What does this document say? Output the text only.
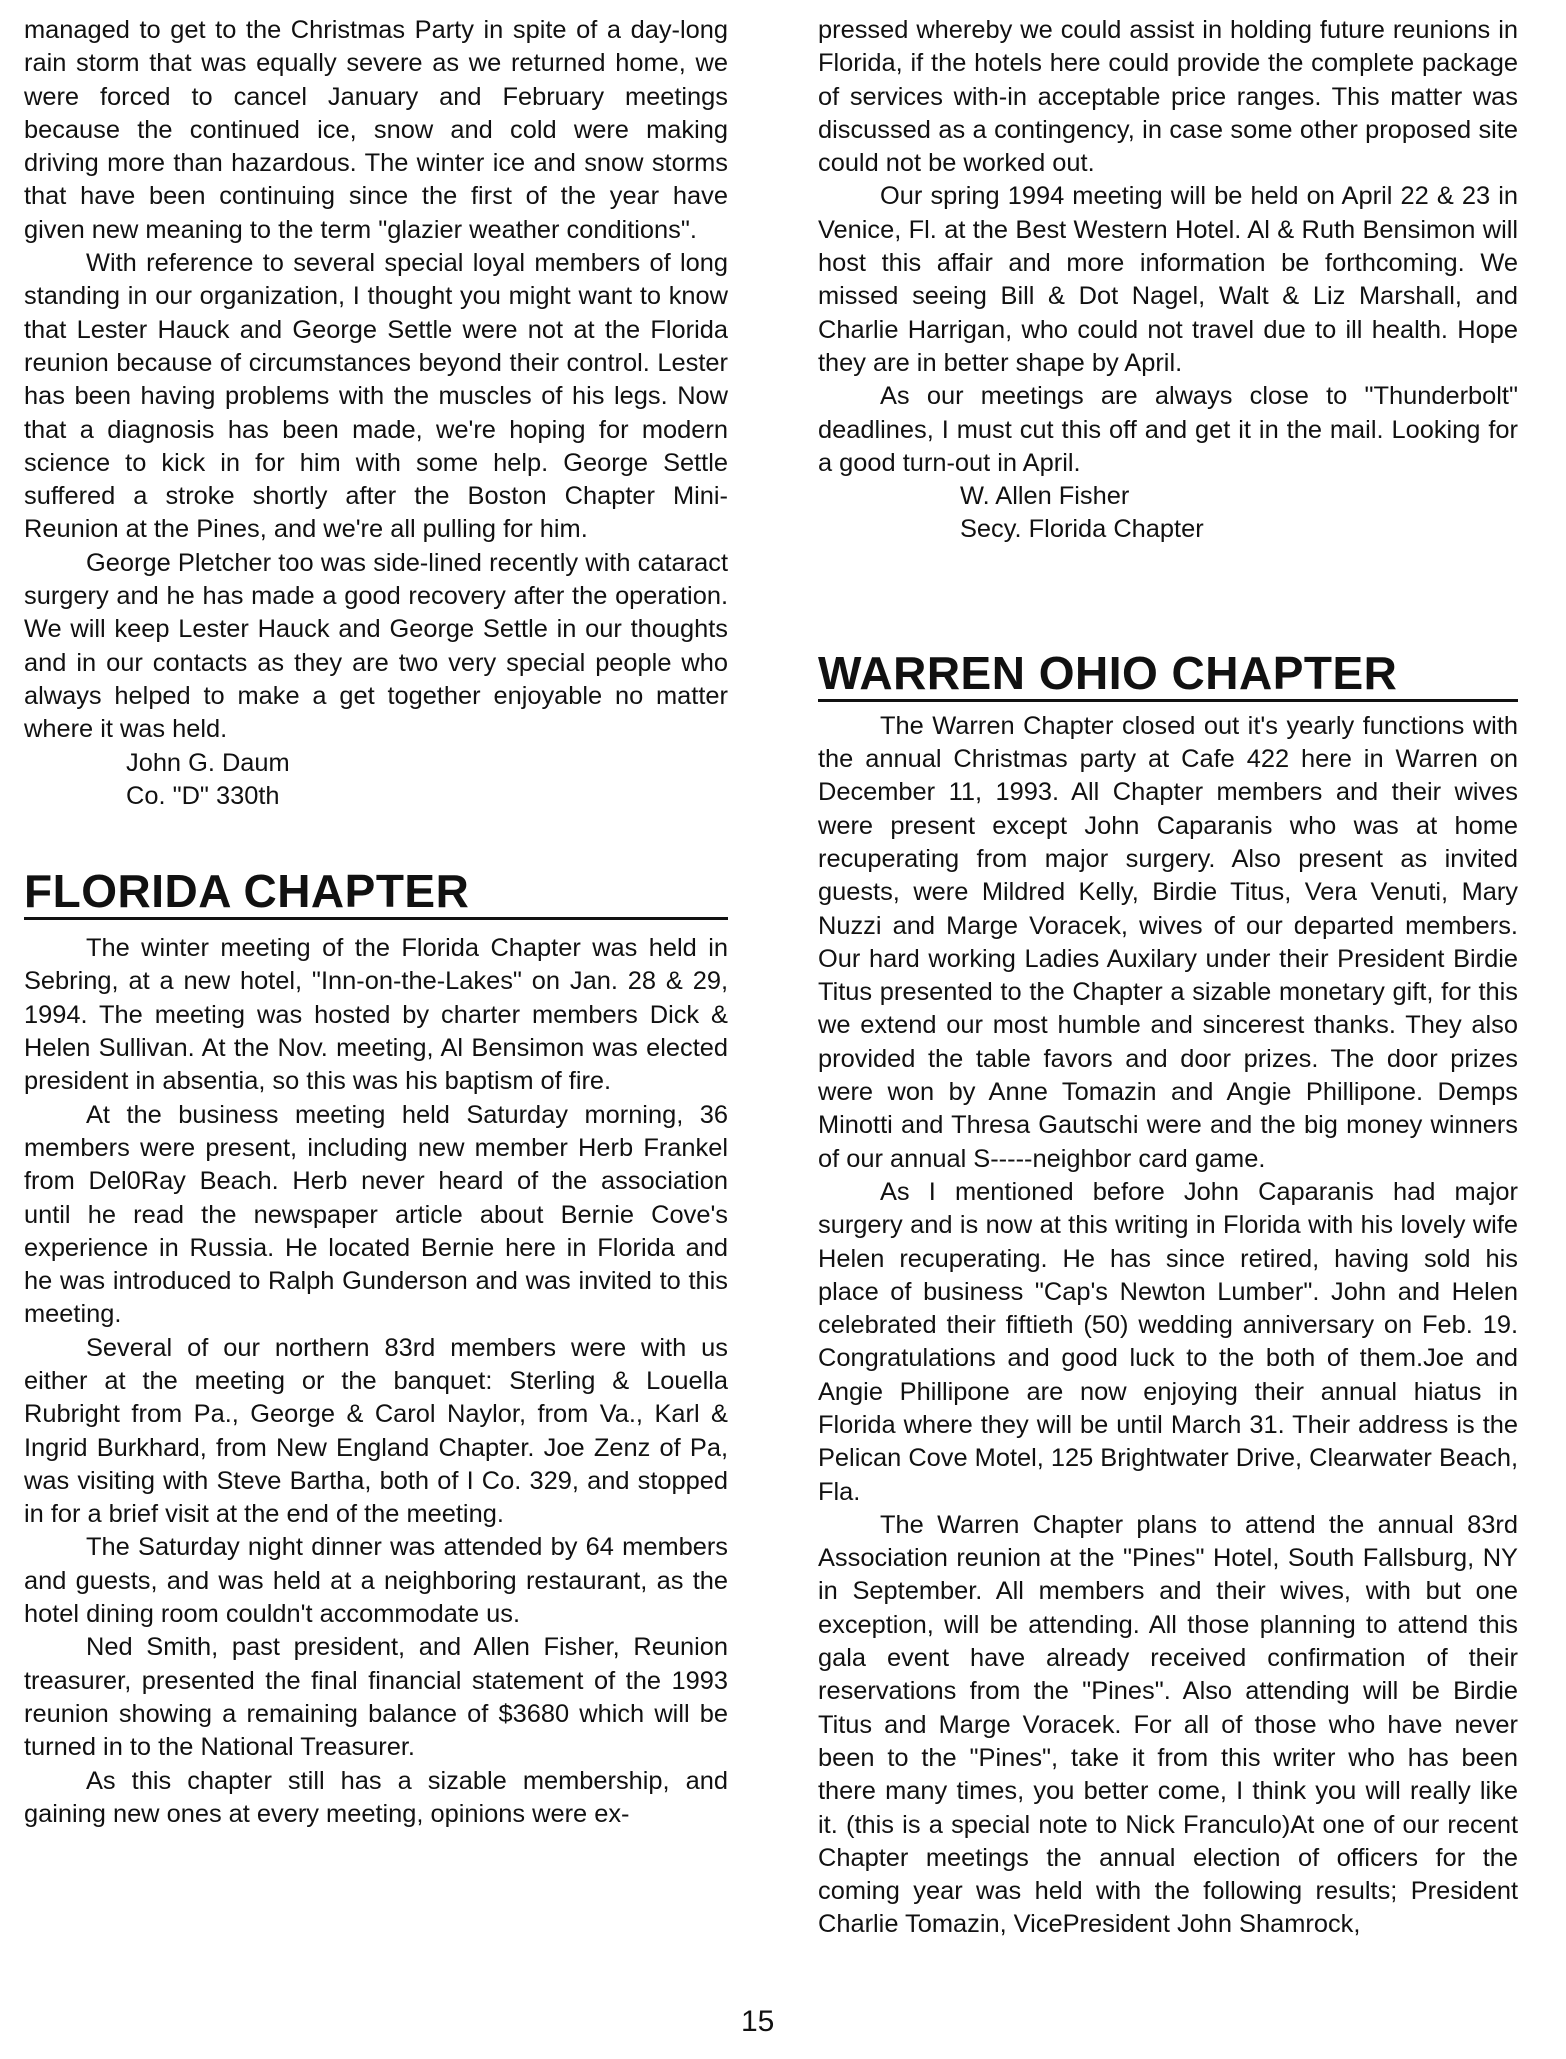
managed to get to the Christmas Party in spite of a day-long rain storm that was equally severe as we returned home, we were forced to cancel January and February meetings because the continued ice, snow and cold were making driving more than hazardous. The winter ice and snow storms that have been continuing since the first of the year have given new meaning to the term "glazier weather conditions".

With reference to several special loyal members of long standing in our organization, I thought you might want to know that Lester Hauck and George Settle were not at the Florida reunion because of circumstances beyond their control. Lester has been having problems with the muscles of his legs. Now that a diagnosis has been made, we're hoping for modern science to kick in for him with some help. George Settle suffered a stroke shortly after the Boston Chapter Mini-Reunion at the Pines, and we're all pulling for him.

George Pletcher too was side-lined recently with cataract surgery and he has made a good recovery after the operation. We will keep Lester Hauck and George Settle in our thoughts and in our contacts as they are two very special people who always helped to make a get together enjoyable no matter where it was held.

John G. Daum
Co. "D" 330th
FLORIDA CHAPTER

The winter meeting of the Florida Chapter was held in Sebring, at a new hotel, "Inn-on-the-Lakes" on Jan. 28 & 29, 1994. The meeting was hosted by charter members Dick & Helen Sullivan. At the Nov. meeting, Al Bensimon was elected president in absentia, so this was his baptism of fire.

At the business meeting held Saturday morning, 36 members were present, including new member Herb Frankel from Del0Ray Beach. Herb never heard of the association until he read the newspaper article about Bernie Cove's experience in Russia. He located Bernie here in Florida and he was introduced to Ralph Gunderson and was invited to this meeting.

Several of our northern 83rd members were with us either at the meeting or the banquet: Sterling & Louella Rubright from Pa., George & Carol Naylor, from Va., Karl & Ingrid Burkhard, from New England Chapter. Joe Zenz of Pa, was visiting with Steve Bartha, both of I Co. 329, and stopped in for a brief visit at the end of the meeting.

The Saturday night dinner was attended by 64 members and guests, and was held at a neighboring restaurant, as the hotel dining room couldn't accommodate us.

Ned Smith, past president, and Allen Fisher, Reunion treasurer, presented the final financial statement of the 1993 reunion showing a remaining balance of $3680 which will be turned in to the National Treasurer.

As this chapter still has a sizable membership, and gaining new ones at every meeting, opinions were ex-

pressed whereby we could assist in holding future reunions in Florida, if the hotels here could provide the complete package of services with-in acceptable price ranges. This matter was discussed as a contingency, in case some other proposed site could not be worked out.

Our spring 1994 meeting will be held on April 22 & 23 in Venice, Fl. at the Best Western Hotel. Al & Ruth Bensimon will host this affair and more information be forthcoming. We missed seeing Bill & Dot Nagel, Walt & Liz Marshall, and Charlie Harrigan, who could not travel due to ill health. Hope they are in better shape by April.

As our meetings are always close to "Thunderbolt" deadlines, I must cut this off and get it in the mail. Looking for a good turn-out in April.

W. Allen Fisher
Secy. Florida Chapter
WARREN OHIO CHAPTER

The Warren Chapter closed out it's yearly functions with the annual Christmas party at Cafe 422 here in Warren on December 11, 1993. All Chapter members and their wives were present except John Caparanis who was at home recuperating from major surgery. Also present as invited guests, were Mildred Kelly, Birdie Titus, Vera Venuti, Mary Nuzzi and Marge Voracek, wives of our departed members. Our hard working Ladies Auxilary under their President Birdie Titus presented to the Chapter a sizable monetary gift, for this we extend our most humble and sincerest thanks. They also provided the table favors and door prizes. The door prizes were won by Anne Tomazin and Angie Phillipone. Demps Minotti and Thresa Gautschi were and the big money winners of our annual S-----neighbor card game.

As I mentioned before John Caparanis had major surgery and is now at this writing in Florida with his lovely wife Helen recuperating. He has since retired, having sold his place of business "Cap's Newton Lumber". John and Helen celebrated their fiftieth (50) wedding anniversary on Feb. 19. Congratulations and good luck to the both of them.Joe and Angie Phillipone are now enjoying their annual hiatus in Florida where they will be until March 31. Their address is the Pelican Cove Motel, 125 Brightwater Drive, Clearwater Beach, Fla.

The Warren Chapter plans to attend the annual 83rd Association reunion at the "Pines" Hotel, South Fallsburg, NY in September. All members and their wives, with but one exception, will be attending. All those planning to attend this gala event have already received confirmation of their reservations from the "Pines". Also attending will be Birdie Titus and Marge Voracek. For all of those who have never been to the "Pines", take it from this writer who has been there many times, you better come, I think you will really like it. (this is a special note to Nick Franculo)At one of our recent Chapter meetings the annual election of officers for the coming year was held with the following results; President Charlie Tomazin, VicePresident John Shamrock,

15
